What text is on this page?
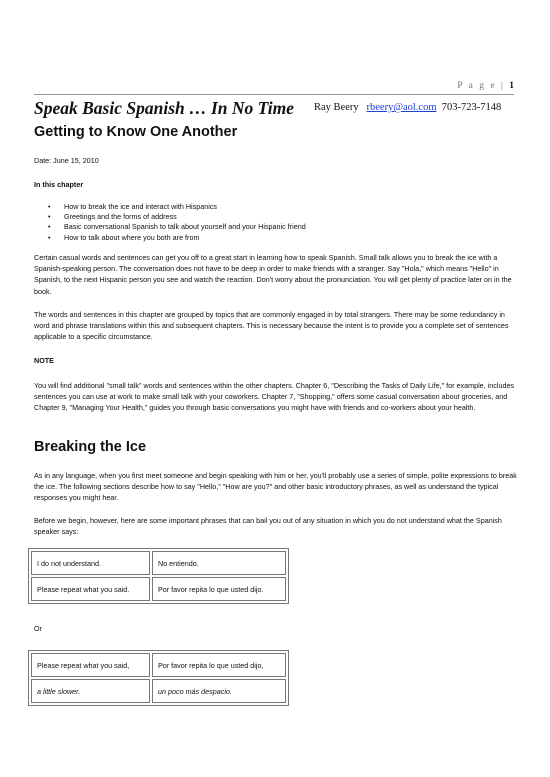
P a g e | 1
Speak Basic Spanish … In No Time Ray Beery rbeery@aol.com 703-723-7148
Getting to Know One Another

Date: June 15, 2010

In this chapter

• How to break the ice and interact with Hispanics
• Greetings and the forms of address
• Basic conversational Spanish to talk about yourself and your Hispanic friend
• How to talk about where you both are from

Certain casual words and sentences can get you off to a great start in learning how to speak Spanish. Small talk allows you to break the ice with a Spanish-speaking person. The conversation does not have to be deep in order to make friends with a stranger. Say "Hola," which means "Hello" in Spanish, to the next Hispanic person you see and watch the reaction. Don't worry about the pronunciation. You will get plenty of practice later on in the book.

The words and sentences in this chapter are grouped by topics that are commonly engaged in by total strangers. There may be some redundancy in word and phrase translations within this and subsequent chapters. This is necessary because the intent is to provide you a complete set of sentences applicable to a specific circumstance.

NOTE

You will find additional "small talk" words and sentences within the other chapters. Chapter 6, "Describing the Tasks of Daily Life," for example, includes sentences you can use at work to make small talk with your coworkers. Chapter 7, "Shopping," offers some casual conversation about groceries, and Chapter 9, "Managing Your Health," guides you through basic conversations you might have with friends and co-workers about your health.

Breaking the Ice

As in any language, when you first meet someone and begin speaking with him or her, you'll probably use a series of simple, polite expressions to break the ice. The following sections describe how to say "Hello," "How are you?" and other basic introductory phrases, as well as understand the typical responses you might hear.

Before we begin, however, here are some important phrases that can bail you out of any situation in which you do not understand what the Spanish speaker says:

I do not understand.	No entiendo.
Please repeat what you said.	Por favor repita lo que usted dijo.

Or

Please repeat what you said,	Por favor repita lo que usted dijo,
a little slower.	un poco más despacio.
